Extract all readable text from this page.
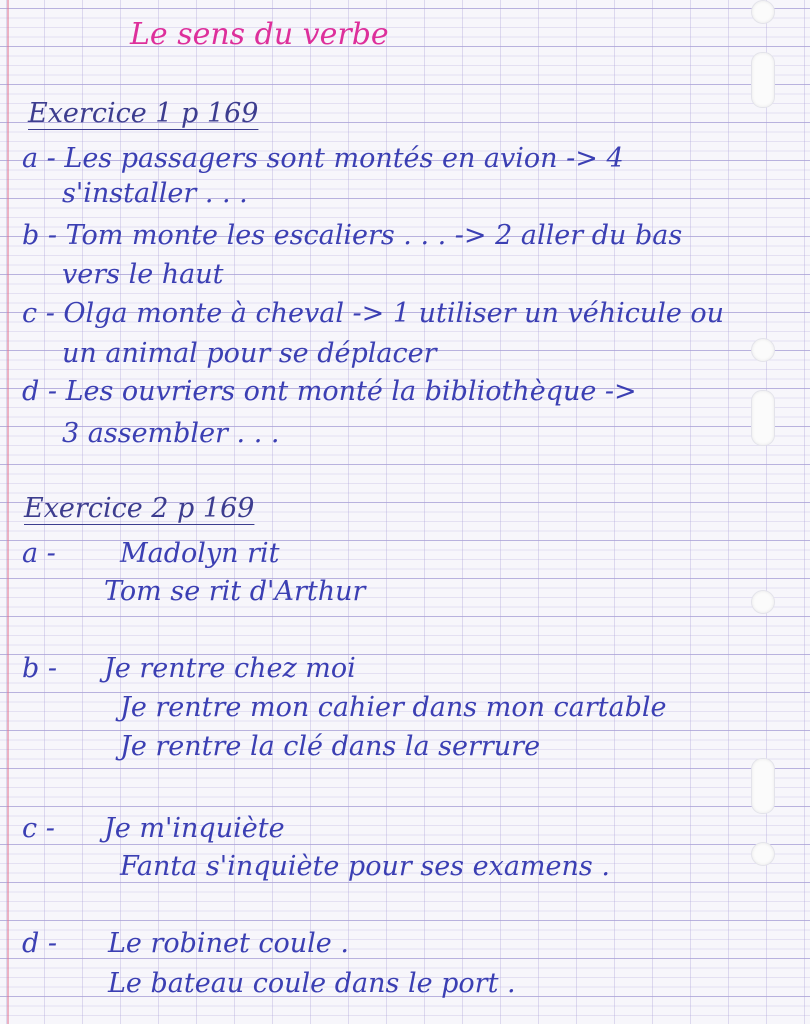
Le sens du verbe
Exercice 1 p 169
a - Les passagers sont montés en avion -> 4
s'installer . . .
b - Tom monte les escaliers . . . -> 2 aller du bas
vers le haut
c - Olga monte à cheval -> 1 utiliser un véhicule ou
un animal pour se déplacer
d - Les ouvriers ont monté la bibliothèque ->
3 assembler . . .
Exercice 2 p 169
a - Madolyn rit
Tom se rit d'Arthur
b - Je rentre chez moi
Je rentre mon cahier dans mon cartable
Je rentre la clé dans la serrure
c - Je m'inquiète
Fanta s'inquiète pour ses examens .
d - Le robinet coule .
Le bateau coule dans le port .
